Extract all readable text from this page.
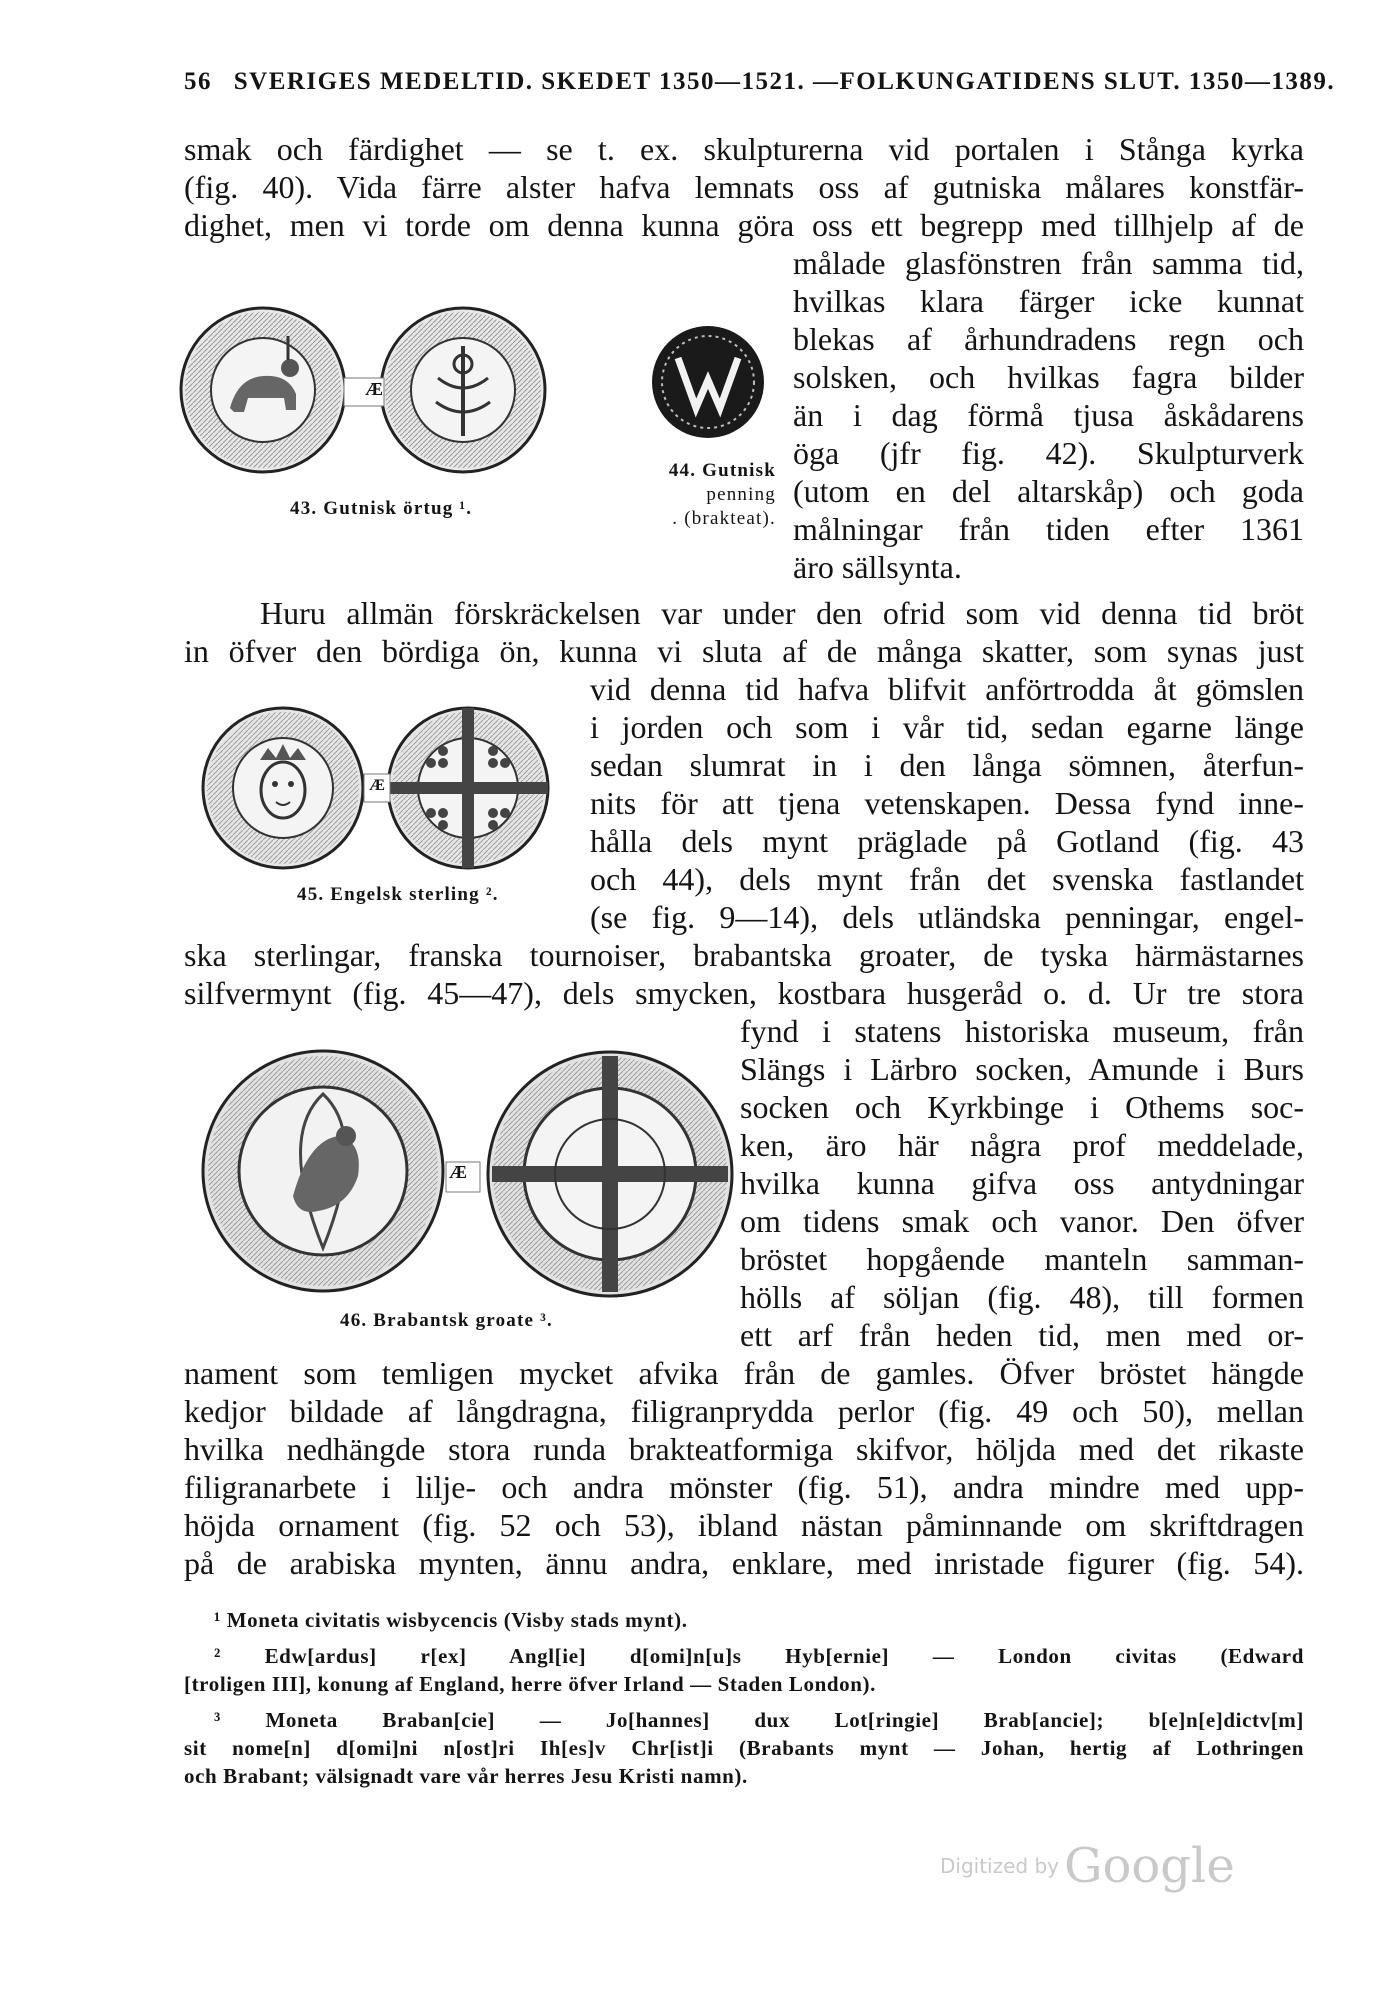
56 SVERIGES MEDELTID. SKEDET 1350—1521. —FOLKUNGATIDENS SLUT. 1350—1389.
smak och färdighet — se t. ex. skulpturerna vid portalen i Stånga kyrka
(fig. 40). Vida färre alster hafva lemnats oss af gutniska målares konstfär-
dighet, men vi torde om denna kunna göra oss ett begrepp med tillhjelp af de
målade glasfönstren från samma tid,
hvilkas klara färger icke kunnat
blekas af århundradens regn och
solsken, och hvilkas fagra bilder
än i dag förmå tjusa åskådarens
öga (jfr fig. 42). Skulpturverk
(utom en del altarskåp) och goda
målningar från tiden efter 1361
äro sällsynta.
Æ
43. Gutnisk örtug ¹.
44. Gutnisk
penning
. (brakteat).
Huru allmän förskräckelsen var under den ofrid som vid denna tid bröt
in öfver den bördiga ön, kunna vi sluta af de många skatter, som synas just
vid denna tid hafva blifvit anförtrodda åt gömslen
i jorden och som i vår tid, sedan egarne länge
sedan slumrat in i den långa sömnen, återfun-
nits för att tjena vetenskapen. Dessa fynd inne-
hålla dels mynt präglade på Gotland (fig. 43
och 44), dels mynt från det svenska fastlandet
(se fig. 9—14), dels utländska penningar, engel-
ska sterlingar, franska tournoiser, brabantska groater, de tyska härmästarnes
silfvermynt (fig. 45—47), dels smycken, kostbara husgeråd o. d. Ur tre stora
fynd i statens historiska museum, från
Slängs i Lärbro socken, Amunde i Burs
socken och Kyrkbinge i Othems soc-
ken, äro här några prof meddelade,
hvilka kunna gifva oss antydningar
om tidens smak och vanor. Den öfver
bröstet hopgående manteln samman-
hölls af söljan (fig. 48), till formen
ett arf från heden tid, men med or-
nament som temligen mycket afvika från de gamles. Öfver bröstet hängde
kedjor bildade af långdragna, filigranprydda perlor (fig. 49 och 50), mellan
hvilka nedhängde stora runda brakteatformiga skifvor, höljda med det rikaste
filigranarbete i lilje- och andra mönster (fig. 51), andra mindre med upp-
höjda ornament (fig. 52 och 53), ibland nästan påminnande om skriftdragen
på de arabiska mynten, ännu andra, enklare, med inristade figurer (fig. 54).
Æ
45. Engelsk sterling ².
Æ
46. Brabantsk groate ³.
¹ Moneta civitatis wisbycencis (Visby stads mynt).
² Edw[ardus] r[ex] Angl[ie] d[omi]n[u]s Hyb[ernie] — London civitas (Edward
[troligen III], konung af England, herre öfver Irland — Staden London).
³ Moneta Braban[cie] — Jo[hannes] dux Lot[ringie] Brab[ancie]; b[e]n[e]dictv[m]
sit nome[n] d[omi]ni n[ost]ri Ih[es]v Chr[ist]i (Brabants mynt — Johan, hertig af Lothringen
och Brabant; välsignadt vare vår herres Jesu Kristi namn).
Digitized by Google
